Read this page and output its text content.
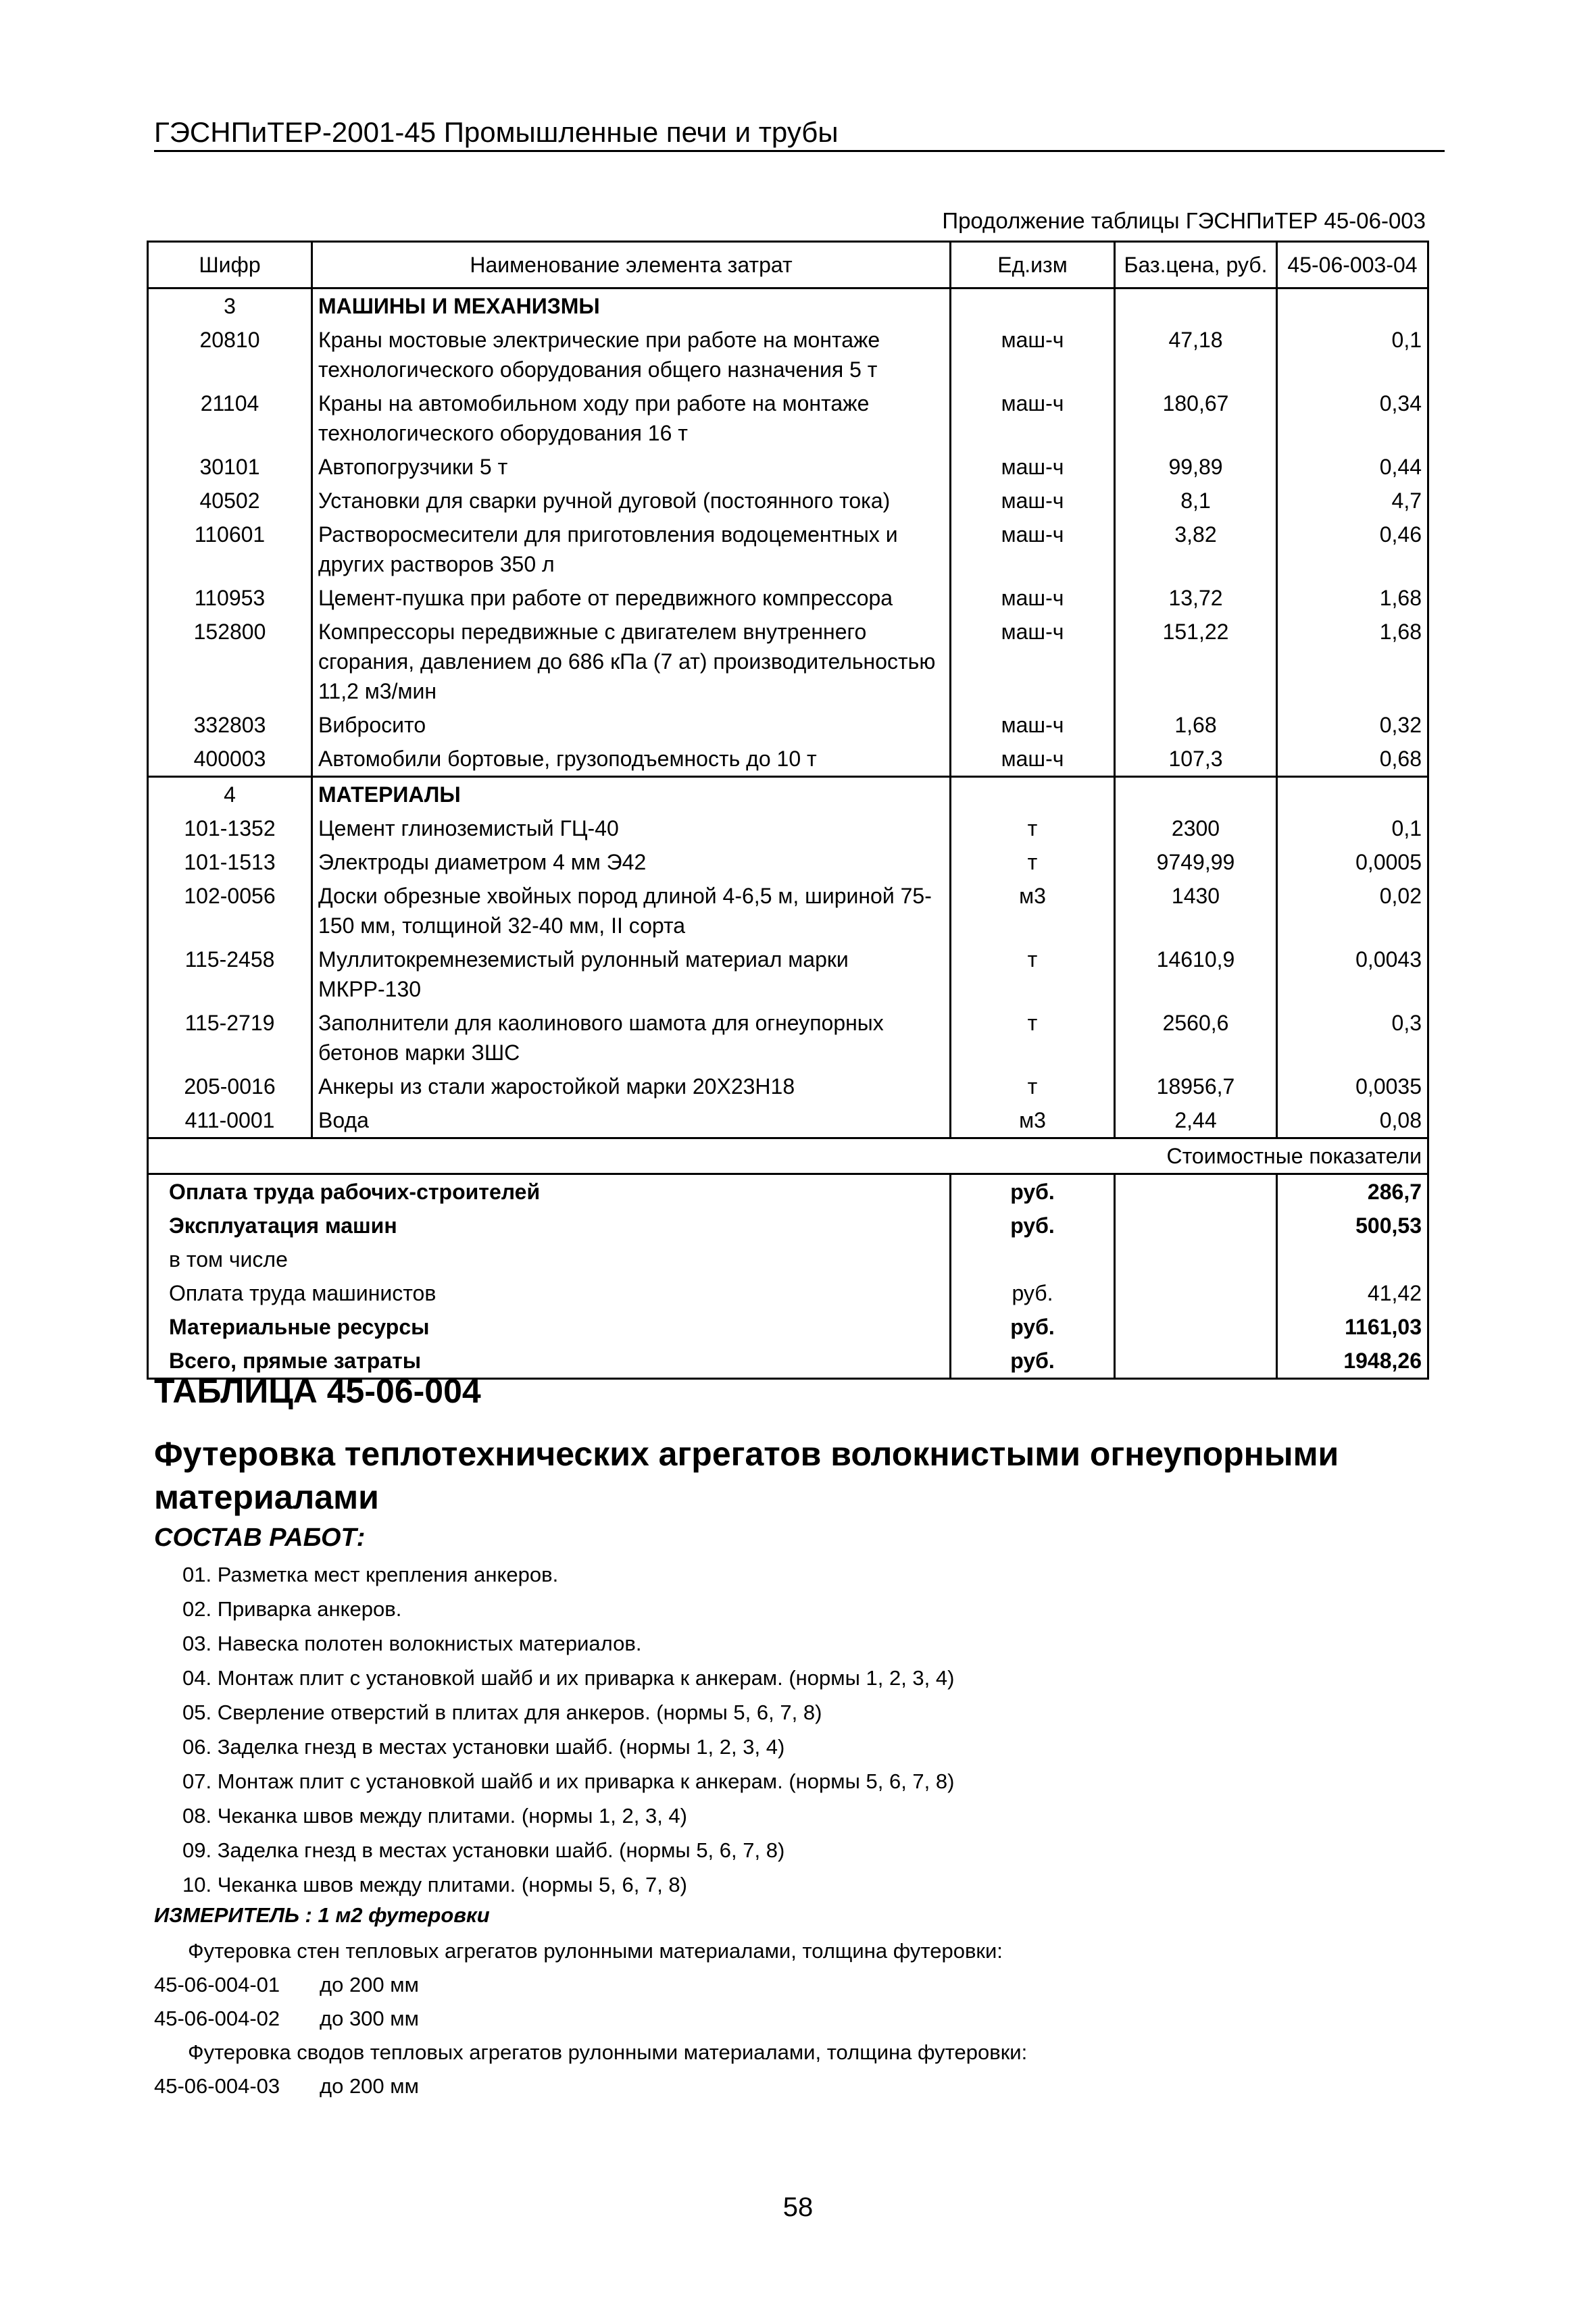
ГЭСНПиТЕР-2001-45 Промышленные печи и трубы
Продолжение таблицы ГЭСНПиТЕР 45-06-003
Шифр	Наименование элемента затрат	Ед.изм	Баз.цена, руб.	45-06-003-04
3	МАШИНЫ И МЕХАНИЗМЫ			
20810	Краны мостовые электрические при работе на монтаже технологического оборудования общего назначения 5 т	маш-ч	47,18	0,1
21104	Краны на автомобильном ходу при работе на монтаже технологического оборудования 16 т	маш-ч	180,67	0,34
30101	Автопогрузчики 5 т	маш-ч	99,89	0,44
40502	Установки для сварки ручной дуговой (постоянного тока)	маш-ч	8,1	4,7
110601	Растворосмесители для приготовления водоцементных и других растворов 350 л	маш-ч	3,82	0,46
110953	Цемент-пушка при работе от передвижного компрессора	маш-ч	13,72	1,68
152800	Компрессоры передвижные с двигателем внутреннего сгорания, давлением до 686 кПа (7 ат) производительностью 11,2 м3/мин	маш-ч	151,22	1,68
332803	Вибросито	маш-ч	1,68	0,32
400003	Автомобили бортовые, грузоподъемность до 10 т	маш-ч	107,3	0,68
4	МАТЕРИАЛЫ			
101-1352	Цемент глиноземистый ГЦ-40	т	2300	0,1
101-1513	Электроды диаметром 4 мм Э42	т	9749,99	0,0005
102-0056	Доски обрезные хвойных пород длиной 4-6,5 м, шириной 75-150 мм, толщиной 32-40 мм, II сорта	м3	1430	0,02
115-2458	Муллитокремнеземистый рулонный материал марки МКРР-130	т	14610,9	0,0043
115-2719	Заполнители для каолинового шамота для огнеупорных бетонов марки ЗШС	т	2560,6	0,3
205-0016	Анкеры из стали жаростойкой марки 20Х23Н18	т	18956,7	0,0035
411-0001	Вода	м3	2,44	0,08
Стоимостные показатели				
Оплата труда рабочих-строителей		руб.		286,7
Эксплуатация машин		руб.		500,53
в том числе				
Оплата труда машинистов		руб.		41,42
Материальные ресурсы		руб.		1161,03
Всего, прямые затраты		руб.		1948,26
ТАБЛИЦА 45-06-004
Футеровка теплотехнических агрегатов волокнистыми огнеупорными материалами
СОСТАВ РАБОТ:
01. Разметка мест крепления анкеров.
02. Приварка анкеров.
03. Навеска полотен волокнистых материалов.
04. Монтаж плит с установкой шайб и их приварка к анкерам. (нормы 1, 2, 3, 4)
05. Сверление отверстий в плитах для анкеров. (нормы 5, 6, 7, 8)
06. Заделка гнезд в местах установки шайб. (нормы 1, 2, 3, 4)
07. Монтаж плит с установкой шайб и их приварка к анкерам. (нормы 5, 6, 7, 8)
08. Чеканка швов между плитами. (нормы 1, 2, 3, 4)
09. Заделка гнезд в местах установки шайб. (нормы 5, 6, 7, 8)
10. Чеканка швов между плитами. (нормы 5, 6, 7, 8)
ИЗМЕРИТЕЛЬ : 1 м2 футеровки
Футеровка стен тепловых агрегатов рулонными материалами, толщина футеровки:
45-06-004-01 до 200 мм
45-06-004-02 до 300 мм
Футеровка сводов тепловых агрегатов рулонными материалами, толщина футеровки:
45-06-004-03 до 200 мм
58
